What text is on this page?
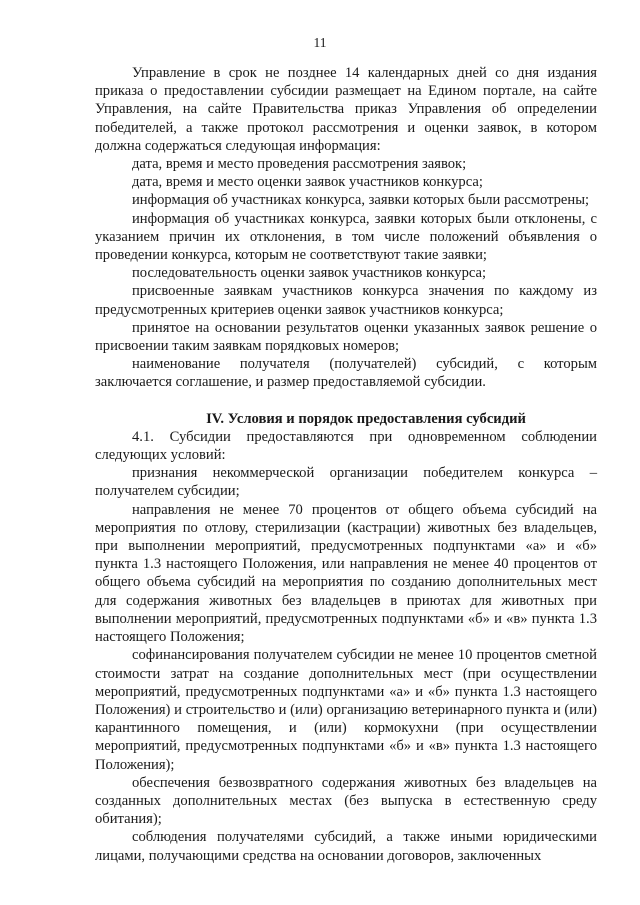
11

Управление в срок не позднее 14 календарных дней со дня издания приказа о предоставлении субсидии размещает на Едином портале, на сайте Управления, на сайте Правительства приказ Управления об определении победителей, а также протокол рассмотрения и оценки заявок, в котором должна содержаться следующая информация:

дата, время и место проведения рассмотрения заявок;

дата, время и место оценки заявок участников конкурса;

информация об участниках конкурса, заявки которых были рассмотрены;

информация об участниках конкурса, заявки которых были отклонены, с указанием причин их отклонения, в том числе положений объявления о проведении конкурса, которым не соответствуют такие заявки;

последовательность оценки заявок участников конкурса;

присвоенные заявкам участников конкурса значения по каждому из предусмотренных критериев оценки заявок участников конкурса;

принятое на основании результатов оценки указанных заявок решение о присвоении таким заявкам порядковых номеров;

наименование получателя (получателей) субсидий, с которым заключается соглашение, и размер предоставляемой субсидии.

IV. Условия и порядок предоставления субсидий

4.1. Субсидии предоставляются при одновременном соблюдении следующих условий:

признания некоммерческой организации победителем конкурса – получателем субсидии;

направления не менее 70 процентов от общего объема субсидий на мероприятия по отлову, стерилизации (кастрации) животных без владельцев, при выполнении мероприятий, предусмотренных подпунктами «а» и «б» пункта 1.3 настоящего Положения, или направления не менее 40 процентов от общего объема субсидий на мероприятия по созданию дополнительных мест для содержания животных без владельцев в приютах для животных при выполнении мероприятий, предусмотренных подпунктами «б» и «в» пункта 1.3 настоящего Положения;

софинансирования получателем субсидии не менее 10 процентов сметной стоимости затрат на создание дополнительных мест (при осуществлении мероприятий, предусмотренных подпунктами «а» и «б» пункта 1.3 настоящего Положения) и строительство и (или) организацию ветеринарного пункта и (или) карантинного помещения, и (или) кормокухни (при осуществлении мероприятий, предусмотренных подпунктами «б» и «в» пункта 1.3 настоящего Положения);

обеспечения безвозвратного содержания животных без владельцев на созданных дополнительных местах (без выпуска в естественную среду обитания);

соблюдения получателями субсидий, а также иными юридическими лицами, получающими средства на основании договоров, заключенных
